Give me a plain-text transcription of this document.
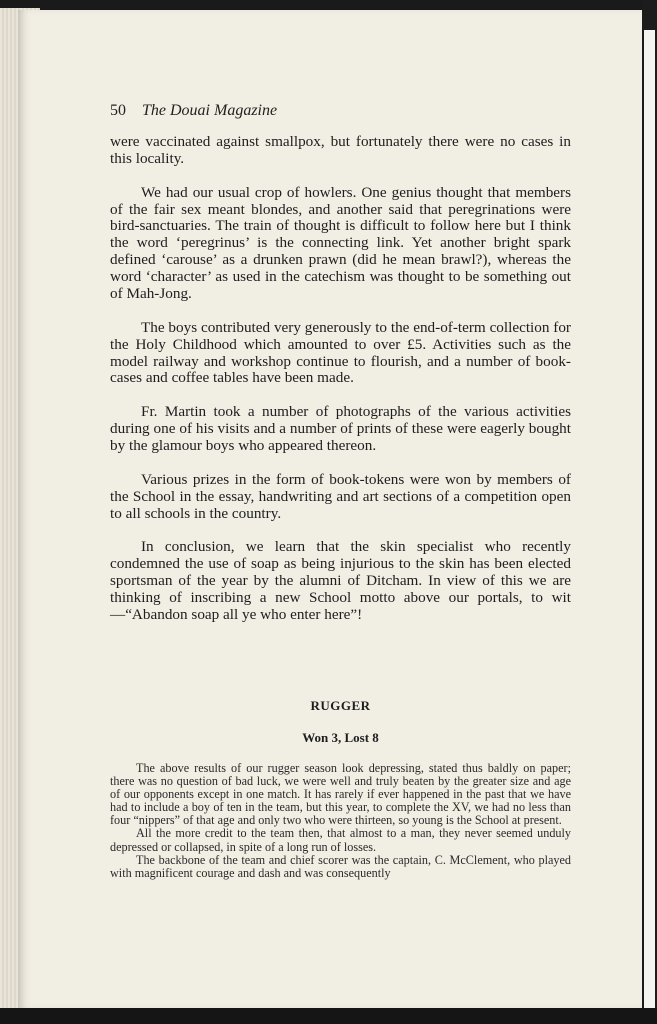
50 The Douai Magazine

were vaccinated against smallpox, but fortunately there were no cases in this locality.

We had our usual crop of howlers. One genius thought that members of the fair sex meant blondes, and another said that peregrinations were bird-sanctuaries. The train of thought is difficult to follow here but I think the word ‘peregrinus’ is the connecting link. Yet another bright spark defined ‘carouse’ as a drunken prawn (did he mean brawl?), whereas the word ‘character’ as used in the catechism was thought to be something out of Mah-Jong.

The boys contributed very generously to the end-of-term collection for the Holy Childhood which amounted to over £5. Activities such as the model railway and workshop continue to flourish, and a number of book-cases and coffee tables have been made.

Fr. Martin took a number of photographs of the various activities during one of his visits and a number of prints of these were eagerly bought by the glamour boys who appeared thereon.

Various prizes in the form of book-tokens were won by members of the School in the essay, handwriting and art sections of a competition open to all schools in the country.

In conclusion, we learn that the skin specialist who recently condemned the use of soap as being injurious to the skin has been elected sportsman of the year by the alumni of Ditcham. In view of this we are thinking of inscribing a new School motto above our portals, to wit—“Abandon soap all ye who enter here”!

RUGGER
Won 3, Lost 8

The above results of our rugger season look depressing, stated thus baldly on paper; there was no question of bad luck, we were well and truly beaten by the greater size and age of our opponents except in one match. It has rarely if ever happened in the past that we have had to include a boy of ten in the team, but this year, to complete the XV, we had no less than four “nippers” of that age and only two who were thirteen, so young is the School at present.

All the more credit to the team then, that almost to a man, they never seemed unduly depressed or collapsed, in spite of a long run of losses.

The backbone of the team and chief scorer was the captain, C. McClement, who played with magnificent courage and dash and was consequently
